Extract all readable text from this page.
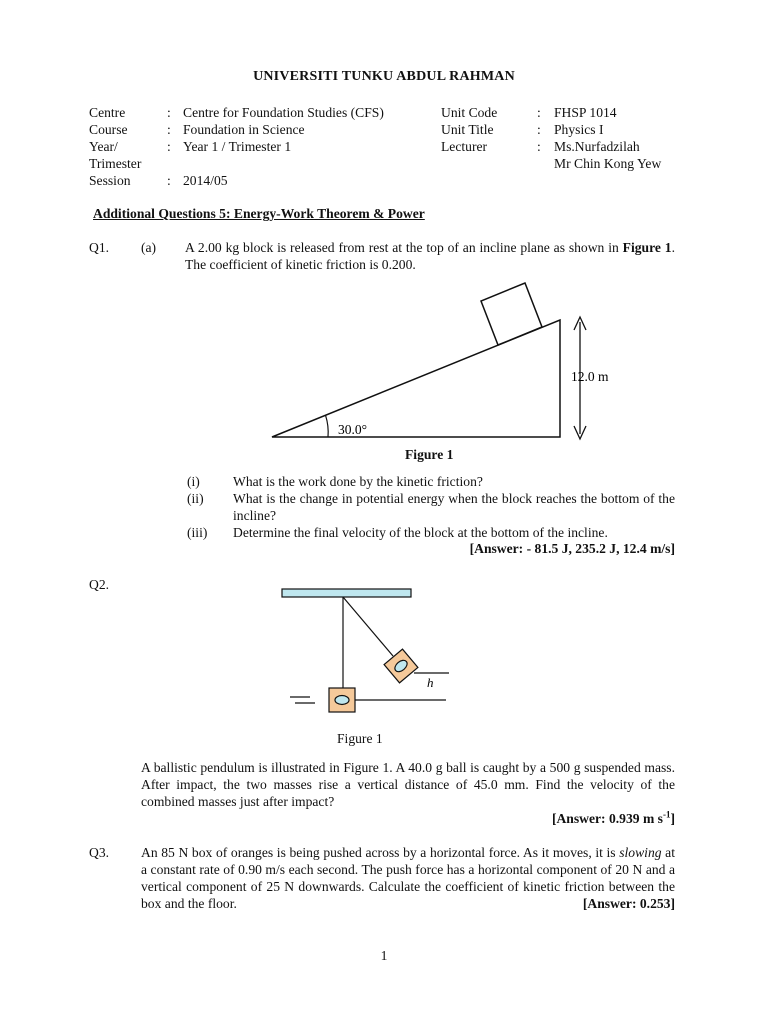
UNIVERSITI TUNKU ABDUL RAHMAN
Centre	: Centre for Foundation Studies (CFS)
Course	: Foundation in Science
Year/	: Year 1 / Trimester 1
Trimester
Session	: 2014/05
Unit Code	: FHSP 1014
Unit Title	: Physics I
Lecturer	: Ms.Nurfadzilah
Mr Chin Kong Yew
Additional Questions 5: Energy-Work Theorem & Power
Q1. (a) A 2.00 kg block is released from rest at the top of an incline plane as shown in Figure 1. The coefficient of kinetic friction is 0.200.
30.0°
12.0 m
Figure 1
(i) What is the work done by the kinetic friction?
(ii) What is the change in potential energy when the block reaches the bottom of the incline?
(iii) Determine the final velocity of the block at the bottom of the incline.
[Answer: - 81.5 J, 235.2 J, 12.4 m/s]
Q2.
h
Figure 1
A ballistic pendulum is illustrated in Figure 1. A 40.0 g ball is caught by a 500 g suspended mass. After impact, the two masses rise a vertical distance of 45.0 mm. Find the velocity of the combined masses just after impact?
[Answer: 0.939 m $s^{-1}$]
Q3. An 85 N box of oranges is being pushed across by a horizontal force. As it moves, it is slowing at a constant rate of 0.90 m/s each second. The push force has a horizontal component of 20 N and a vertical component of 25 N downwards. Calculate the coefficient of kinetic friction between the box and the floor.	[Answer: 0.253]
1
